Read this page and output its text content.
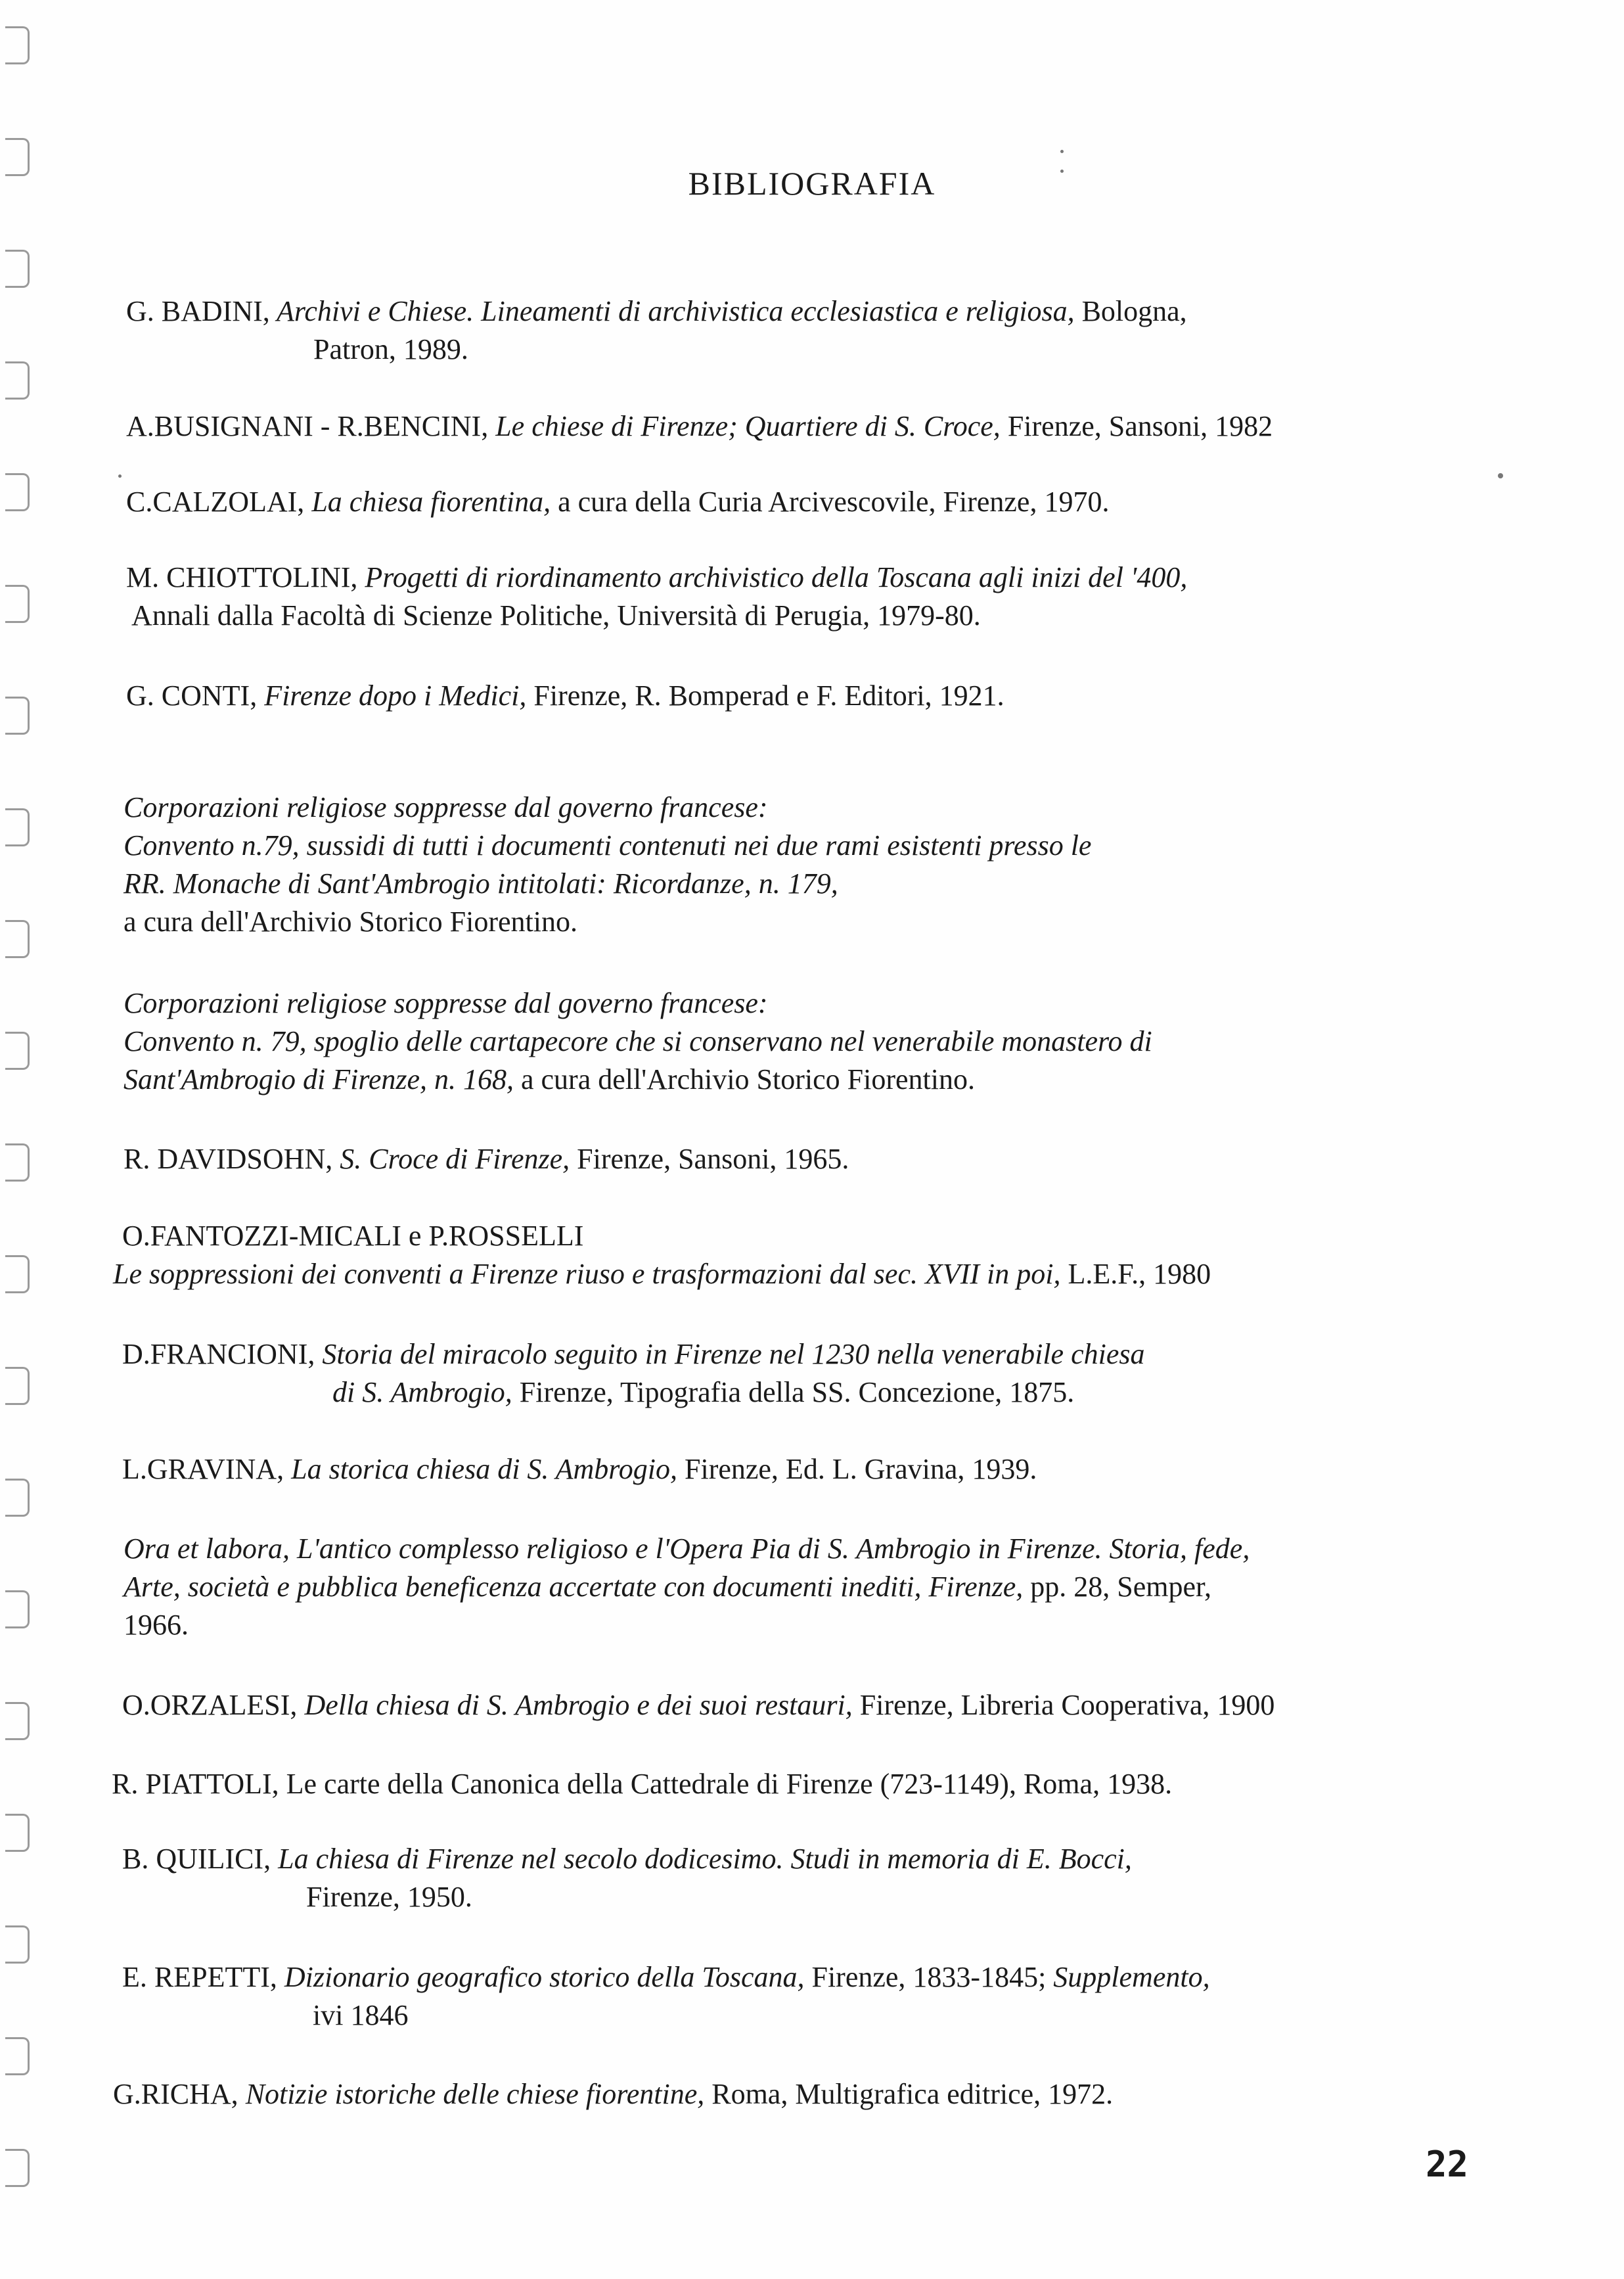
BIBLIOGRAFIA
G. BADINI, Archivi e Chiese. Lineamenti di archivistica ecclesiastica e religiosa, Bologna,
Patron, 1989.
A.BUSIGNANI - R.BENCINI, Le chiese di Firenze; Quartiere di S. Croce, Firenze, Sansoni, 1982
C.CALZOLAI, La chiesa fiorentina, a cura della Curia Arcivescovile, Firenze, 1970.
M. CHIOTTOLINI, Progetti di riordinamento archivistico della Toscana agli inizi del '400,
Annali dalla Facoltà di Scienze Politiche, Università di Perugia, 1979-80.
G. CONTI, Firenze dopo i Medici, Firenze, R. Bomperad e F. Editori, 1921.
Corporazioni religiose soppresse dal governo francese:
Convento n.79, sussidi di tutti i documenti contenuti nei due rami esistenti presso le
RR. Monache di Sant'Ambrogio intitolati: Ricordanze, n. 179,
a cura dell'Archivio Storico Fiorentino.
Corporazioni religiose soppresse dal governo francese:
Convento n. 79, spoglio delle cartapecore che si conservano nel venerabile monastero di
Sant'Ambrogio di Firenze, n. 168, a cura dell'Archivio Storico Fiorentino.
R. DAVIDSOHN, S. Croce di Firenze, Firenze, Sansoni, 1965.
O.FANTOZZI-MICALI e P.ROSSELLI
Le soppressioni dei conventi a Firenze riuso e trasformazioni dal sec. XVII in poi, L.E.F., 1980
D.FRANCIONI, Storia del miracolo seguito in Firenze nel 1230 nella venerabile chiesa
di S. Ambrogio, Firenze, Tipografia della SS. Concezione, 1875.
L.GRAVINA, La storica chiesa di S. Ambrogio, Firenze, Ed. L. Gravina, 1939.
Ora et labora, L'antico complesso religioso e l'Opera Pia di S. Ambrogio in Firenze. Storia, fede,
Arte, società e pubblica beneficenza accertate con documenti inediti, Firenze, pp. 28, Semper,
1966.
O.ORZALESI, Della chiesa di S. Ambrogio e dei suoi restauri, Firenze, Libreria Cooperativa, 1900
R. PIATTOLI, Le carte della Canonica della Cattedrale di Firenze (723-1149), Roma, 1938.
B. QUILICI, La chiesa di Firenze nel secolo dodicesimo. Studi in memoria di E. Bocci,
Firenze, 1950.
E. REPETTI, Dizionario geografico storico della Toscana, Firenze, 1833-1845; Supplemento,
ivi 1846
G.RICHA, Notizie istoriche delle chiese fiorentine, Roma, Multigrafica editrice, 1972.
22
